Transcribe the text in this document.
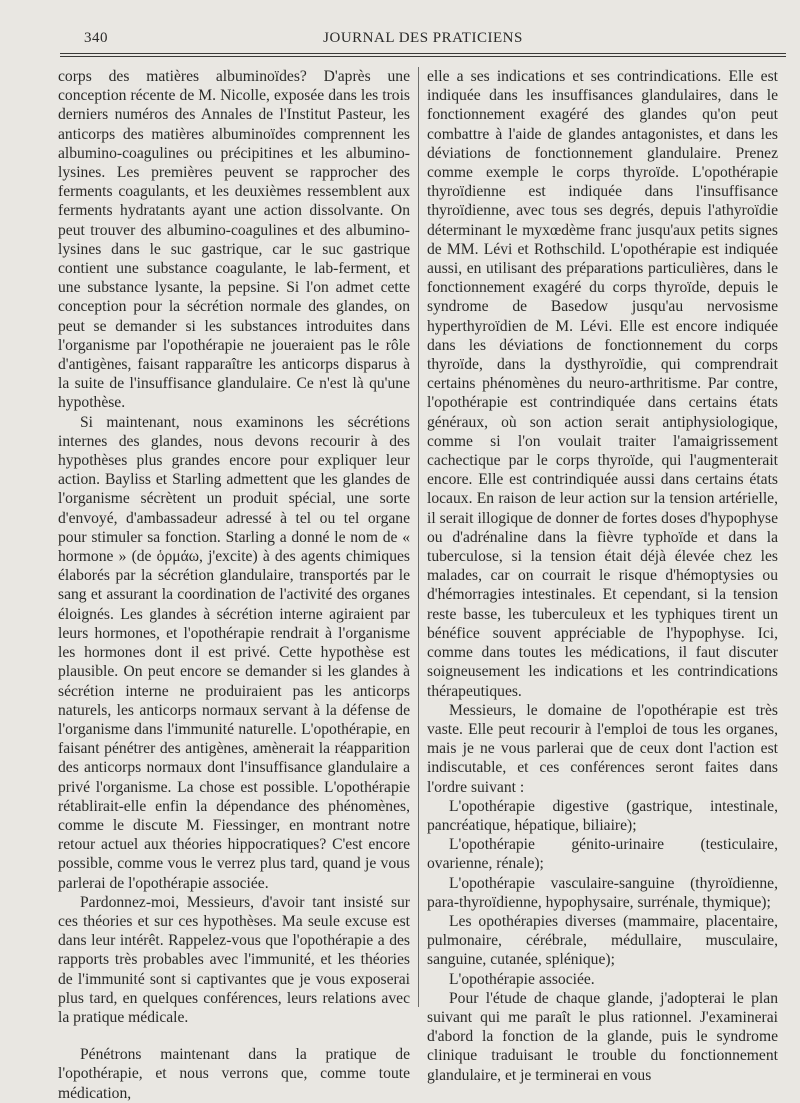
340	JOURNAL DES PRATICIENS

corps des matières albuminoïdes? D'après une conception récente de M. Nicolle, exposée dans les trois derniers numéros des Annales de l'Institut Pasteur, les anticorps des matières albuminoïdes comprennent les albumino-coagulines ou précipitines et les albumino-lysines. Les premières peuvent se rapprocher des ferments coagulants, et les deuxièmes ressemblent aux ferments hydratants ayant une action dissolvante. On peut trouver des albumino-coagulines et des albumino-lysines dans le suc gastrique, car le suc gastrique contient une substance coagulante, le lab-ferment, et une substance lysante, la pepsine. Si l'on admet cette conception pour la sécrétion normale des glandes, on peut se demander si les substances introduites dans l'organisme par l'opothérapie ne joueraient pas le rôle d'antigènes, faisant rapparaître les anticorps disparus à la suite de l'insuffisance glandulaire. Ce n'est là qu'une hypothèse.

Si maintenant, nous examinons les sécrétions internes des glandes, nous devons recourir à des hypothèses plus grandes encore pour expliquer leur action. Bayliss et Starling admettent que les glandes de l'organisme sécrètent un produit spécial, une sorte d'envoyé, d'ambassadeur adressé à tel ou tel organe pour stimuler sa fonction. Starling a donné le nom de « hormone » (de ὁρμάω, j'excite) à des agents chimiques élaborés par la sécrétion glandulaire, transportés par le sang et assurant la coordination de l'activité des organes éloignés. Les glandes à sécrétion interne agiraient par leurs hormones, et l'opothérapie rendrait à l'organisme les hormones dont il est privé. Cette hypothèse est plausible. On peut encore se demander si les glandes à sécrétion interne ne produiraient pas les anticorps naturels, les anticorps normaux servant à la défense de l'organisme dans l'immunité naturelle. L'opothérapie, en faisant pénétrer des antigènes, amènerait la réapparition des anticorps normaux dont l'insuffisance glandulaire a privé l'organisme. La chose est possible. L'opothérapie rétablirait-elle enfin la dépendance des phénomènes, comme le discute M. Fiessinger, en montrant notre retour actuel aux théories hippocratiques? C'est encore possible, comme vous le verrez plus tard, quand je vous parlerai de l'opothérapie associée.

Pardonnez-moi, Messieurs, d'avoir tant insisté sur ces théories et sur ces hypothèses. Ma seule excuse est dans leur intérêt. Rappelez-vous que l'opothérapie a des rapports très probables avec l'immunité, et les théories de l'immunité sont si captivantes que je vous exposerai plus tard, en quelques conférences, leurs relations avec la pratique médicale.

Pénétrons maintenant dans la pratique de l'opothérapie, et nous verrons que, comme toute médication,

elle a ses indications et ses contrindications. Elle est indiquée dans les insuffisances glandulaires, dans le fonctionnement exagéré des glandes qu'on peut combattre à l'aide de glandes antagonistes, et dans les déviations de fonctionnement glandulaire. Prenez comme exemple le corps thyroïde. L'opothérapie thyroïdienne est indiquée dans l'insuffisance thyroïdienne, avec tous ses degrés, depuis l'athyroïdie déterminant le myxœdème franc jusqu'aux petits signes de MM. Lévi et Rothschild. L'opothérapie est indiquée aussi, en utilisant des préparations particulières, dans le fonctionnement exagéré du corps thyroïde, depuis le syndrome de Basedow jusqu'au nervosisme hyperthyroïdien de M. Lévi. Elle est encore indiquée dans les déviations de fonctionnement du corps thyroïde, dans la dysthyroïdie, qui comprendrait certains phénomènes du neuro-arthritisme. Par contre, l'opothérapie est contrindiquée dans certains états généraux, où son action serait antiphysiologique, comme si l'on voulait traiter l'amaigrissement cachectique par le corps thyroïde, qui l'augmenterait encore. Elle est contrindiquée aussi dans certains états locaux. En raison de leur action sur la tension artérielle, il serait illogique de donner de fortes doses d'hypophyse ou d'adrénaline dans la fièvre typhoïde et dans la tuberculose, si la tension était déjà élevée chez les malades, car on courrait le risque d'hémoptysies ou d'hémorragies intestinales. Et cependant, si la tension reste basse, les tuberculeux et les typhiques tirent un bénéfice souvent appréciable de l'hypophyse. Ici, comme dans toutes les médications, il faut discuter soigneusement les indications et les contrindications thérapeutiques.

Messieurs, le domaine de l'opothérapie est très vaste. Elle peut recourir à l'emploi de tous les organes, mais je ne vous parlerai que de ceux dont l'action est indiscutable, et ces conférences seront faites dans l'ordre suivant :

L'opothérapie digestive (gastrique, intestinale, pancréatique, hépatique, biliaire);

L'opothérapie génito-urinaire (testiculaire, ovarienne, rénale);

L'opothérapie vasculaire-sanguine (thyroïdienne, para-thyroïdienne, hypophysaire, surrénale, thymique);

Les opothérapies diverses (mammaire, placentaire, pulmonaire, cérébrale, médullaire, musculaire, sanguine, cutanée, splénique);

L'opothérapie associée.

Pour l'étude de chaque glande, j'adopterai le plan suivant qui me paraît le plus rationnel. J'examinerai d'abord la fonction de la glande, puis le syndrome clinique traduisant le trouble du fonctionnement glandulaire, et je terminerai en vous
